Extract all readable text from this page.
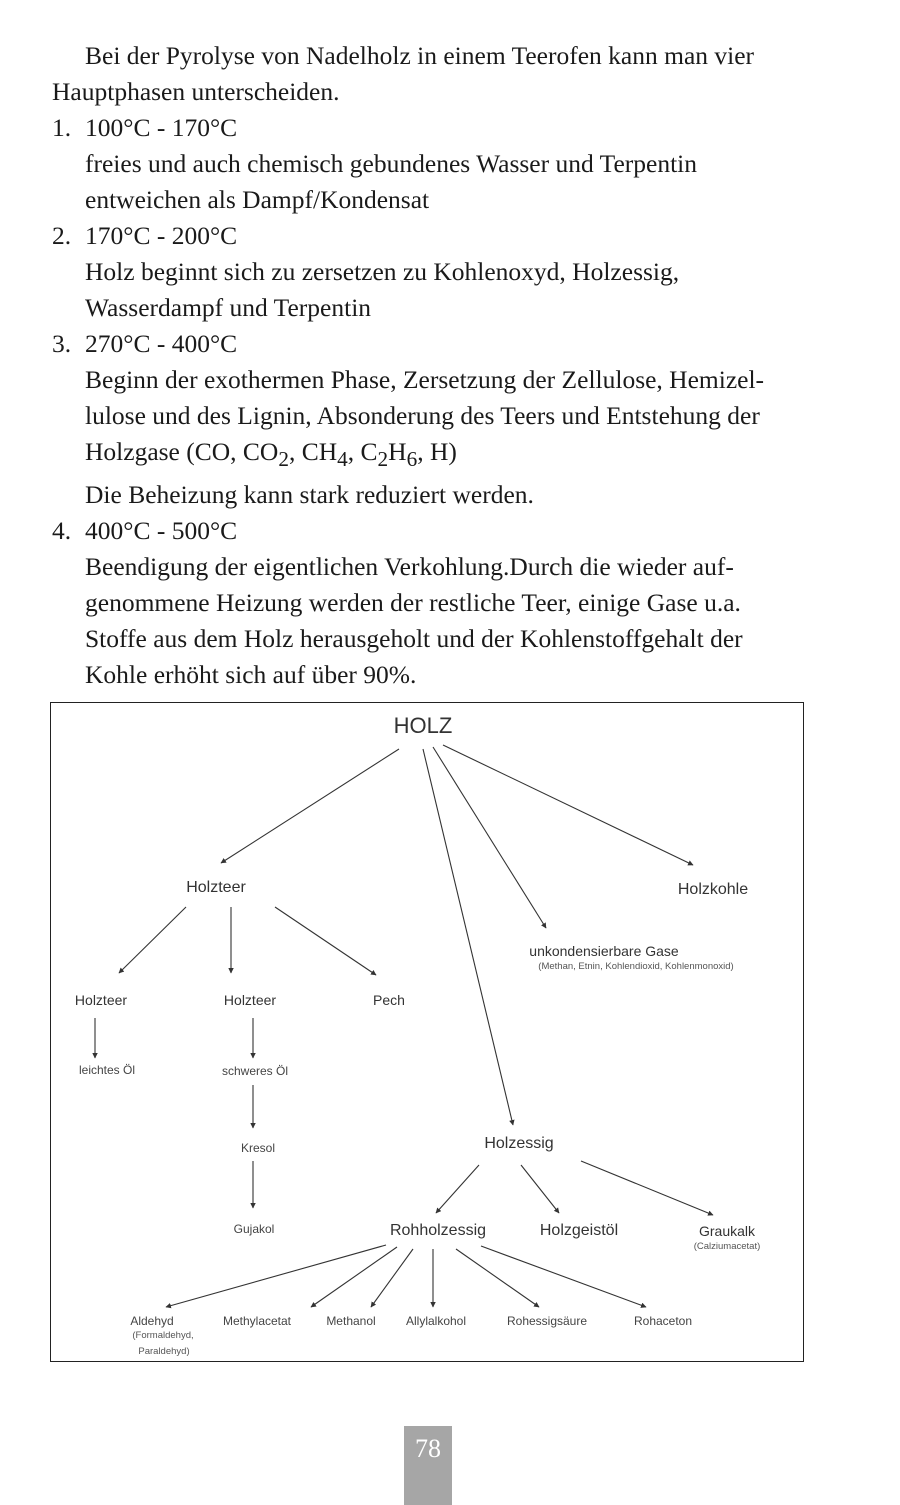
Bei der Pyrolyse von Nadelholz in einem Teerofen kann man vier Hauptphasen unterscheiden.

1. 100°C - 170°C

freies und auch chemisch gebundenes Wasser und Terpentin

entweichen als Dampf/Kondensat

2. 170°C - 200°C

Holz beginnt sich zu zersetzen zu Kohlenoxyd, Holzessig,

Wasserdampf und Terpentin

3. 270°C - 400°C

Beginn der exothermen Phase, Zersetzung der Zellulose, Hemizel-

lulose und des Lignin, Absonderung des Teers und Entstehung der

Holzgase (CO, $CO_2$, $CH_4$, $C_2H_6$, H)

Die Beheizung kann stark reduziert werden.

4. 400°C - 500°C

Beendigung der eigentlichen Verkohlung.Durch die wieder auf-

genommene Heizung werden der restliche Teer, einige Gase u.a.

Stoffe aus dem Holz herausgeholt und der Kohlenstoffgehalt der

Kohle erhöht sich auf über 90%.

HOLZ
Holzteer	Holzkohle
unkondensierbare Gase
(Methan, Etnin, Kohlendioxid, Kohlenmonoxid)
Holzteer	Holzteer	Pech
leichtes Öl	schweres Öl
Kresol
Gujakol
Holzessig
Rohholzessig	Holzgeistöl	Graukalk
(Calziumacetat)
Aldehyd
(Formaldehyd,
Paraldehyd)
Methylacetat	Methanol	Allylalkohol	Rohessigsäure	Rohaceton
78
